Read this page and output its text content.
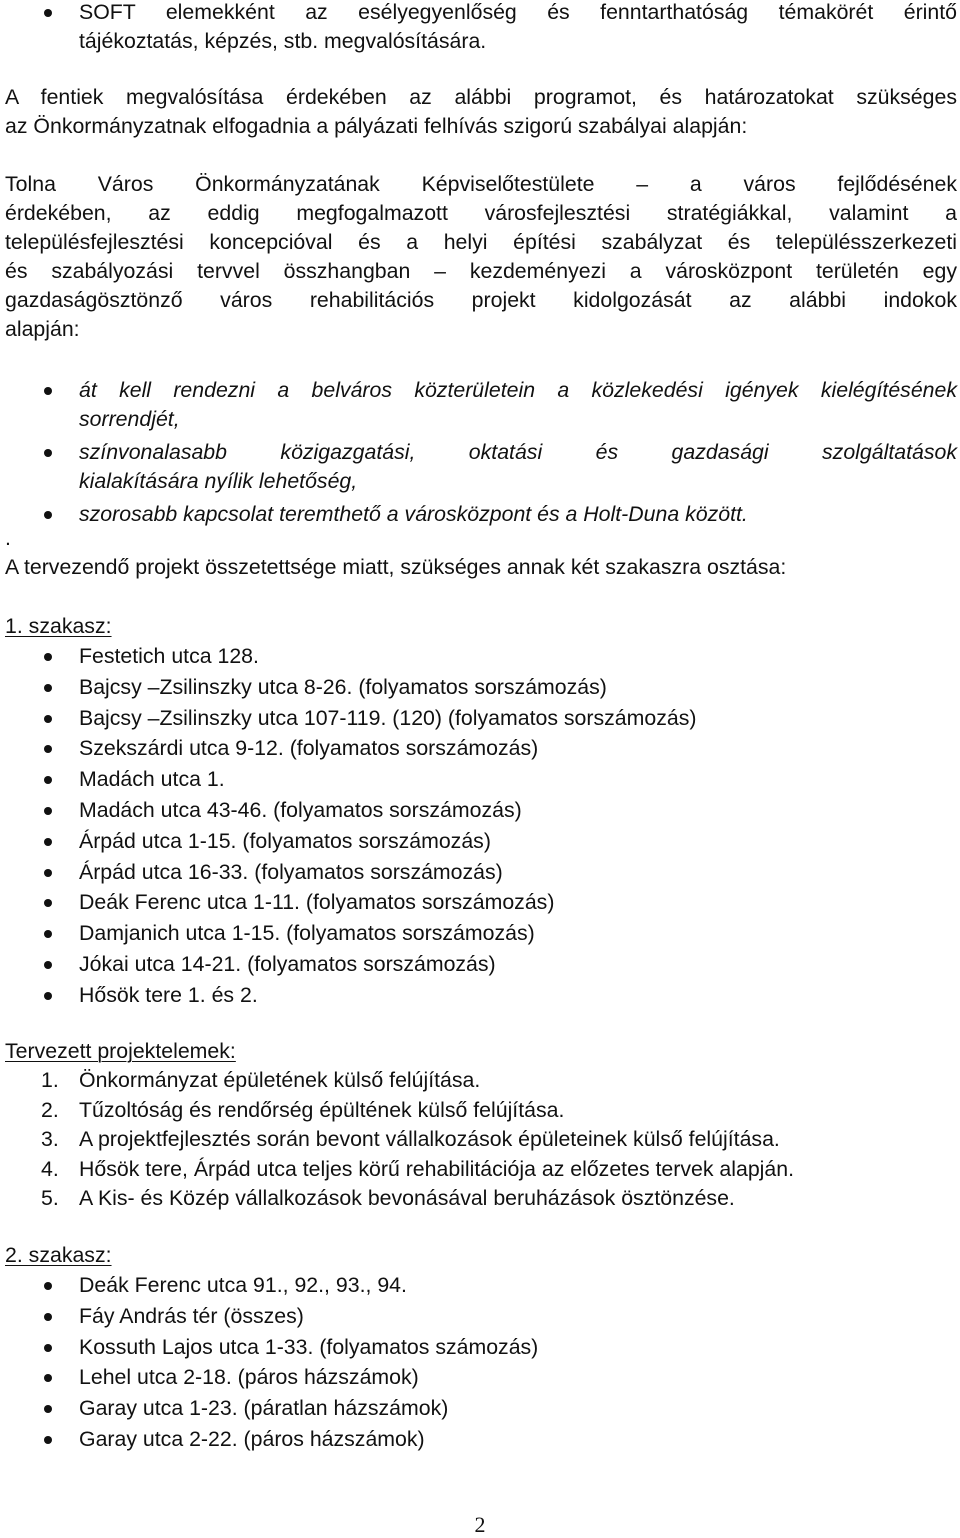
SOFT elemekként az esélyegyenlőség és fenntarthatóság témakörét érintő
tájékoztatás, képzés, stb. megvalósítására.
A fentiek megvalósítása érdekében az alábbi programot, és határozatokat szükséges
az Önkormányzatnak elfogadnia a pályázati felhívás szigorú szabályai alapján:
Tolna Város Önkormányzatának Képviselőtestülete – a város fejlődésének
érdekében, az eddig megfogalmazott városfejlesztési stratégiákkal, valamint a
településfejlesztési koncepcióval és a helyi építési szabályzat és településszerkezeti
és szabályozási tervvel összhangban – kezdeményezi a városközpont területén egy
gazdaságösztönző város rehabilitációs projekt kidolgozását az alábbi indokok
alapján:
át kell rendezni a belváros közterületein a közlekedési igények kielégítésének
sorrendjét,
színvonalasabb közigazgatási, oktatási és gazdasági szolgáltatások
kialakítására nyílik lehetőség,
szorosabb kapcsolat teremthető a városközpont és a Holt-Duna között.
.
A tervezendő projekt összetettsége miatt, szükséges annak két szakaszra osztása:
1. szakasz:
Festetich utca 128.
Bajcsy –Zsilinszky utca 8-26. (folyamatos sorszámozás)
Bajcsy –Zsilinszky utca 107-119. (120) (folyamatos sorszámozás)
Szekszárdi utca 9-12. (folyamatos sorszámozás)
Madách utca 1.
Madách utca 43-46. (folyamatos sorszámozás)
Árpád utca 1-15. (folyamatos sorszámozás)
Árpád utca 16-33. (folyamatos sorszámozás)
Deák Ferenc utca 1-11. (folyamatos sorszámozás)
Damjanich utca 1-15. (folyamatos sorszámozás)
Jókai utca 14-21. (folyamatos sorszámozás)
Hősök tere 1. és 2.
Tervezett projektelemek:
1. Önkormányzat épületének külső felújítása.
2. Tűzoltóság és rendőrség épültének külső felújítása.
3. A projektfejlesztés során bevont vállalkozások épületeinek külső felújítása.
4. Hősök tere, Árpád utca teljes körű rehabilitációja az előzetes tervek alapján.
5. A Kis- és Közép vállalkozások bevonásával beruházások ösztönzése.
2. szakasz:
Deák Ferenc utca 91., 92., 93., 94.
Fáy András tér (összes)
Kossuth Lajos utca 1-33. (folyamatos számozás)
Lehel utca 2-18. (páros házszámok)
Garay utca 1-23. (páratlan házszámok)
Garay utca 2-22. (páros házszámok)
2
